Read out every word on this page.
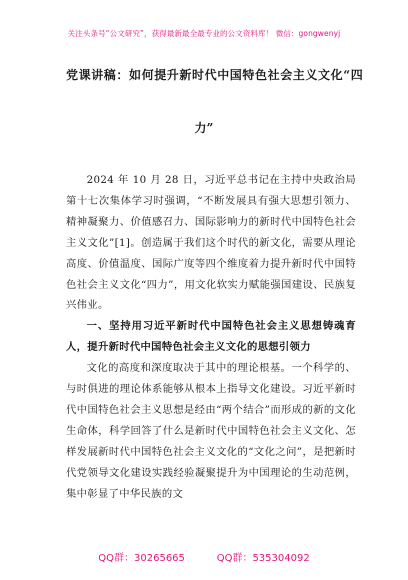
关注头条号“公文研究”，获得最新最全最专业的公文资料库！ 微信：gongwenyj
党课讲稿：如何提升新时代中国特色社会主义文化“四
力”

2024 年 10 月 28 日，习近平总书记在主持中央政治局第十七次集体学习时强调，“不断发展具有强大思想引领力、精神凝聚力、价值感召力、国际影响力的新时代中国特色社会主义文化”[1]。创造属于我们这个时代的新文化，需要从理论高度、价值温度、国际广度等四个维度着力提升新时代中国特色社会主义文化“四力”，用文化软实力赋能强国建设、民族复兴伟业。

一、坚持用习近平新时代中国特色社会主义思想铸魂育人，提升新时代中国特色社会主义文化的思想引领力

文化的高度和深度取决于其中的理论根基。一个科学的、与时俱进的理论体系能够从根本上指导文化建设。习近平新时代中国特色社会主义思想是经由“两个结合”而形成的新的文化生命体，科学回答了什么是新时代中国特色社会主义文化、怎样发展新时代中国特色社会主义文化的“文化之问”，是把新时代党领导文化建设实践经验凝聚提升为中国理论的生动范例，集中彰显了中华民族的文

QQ群：30265665	QQ群：535304092
